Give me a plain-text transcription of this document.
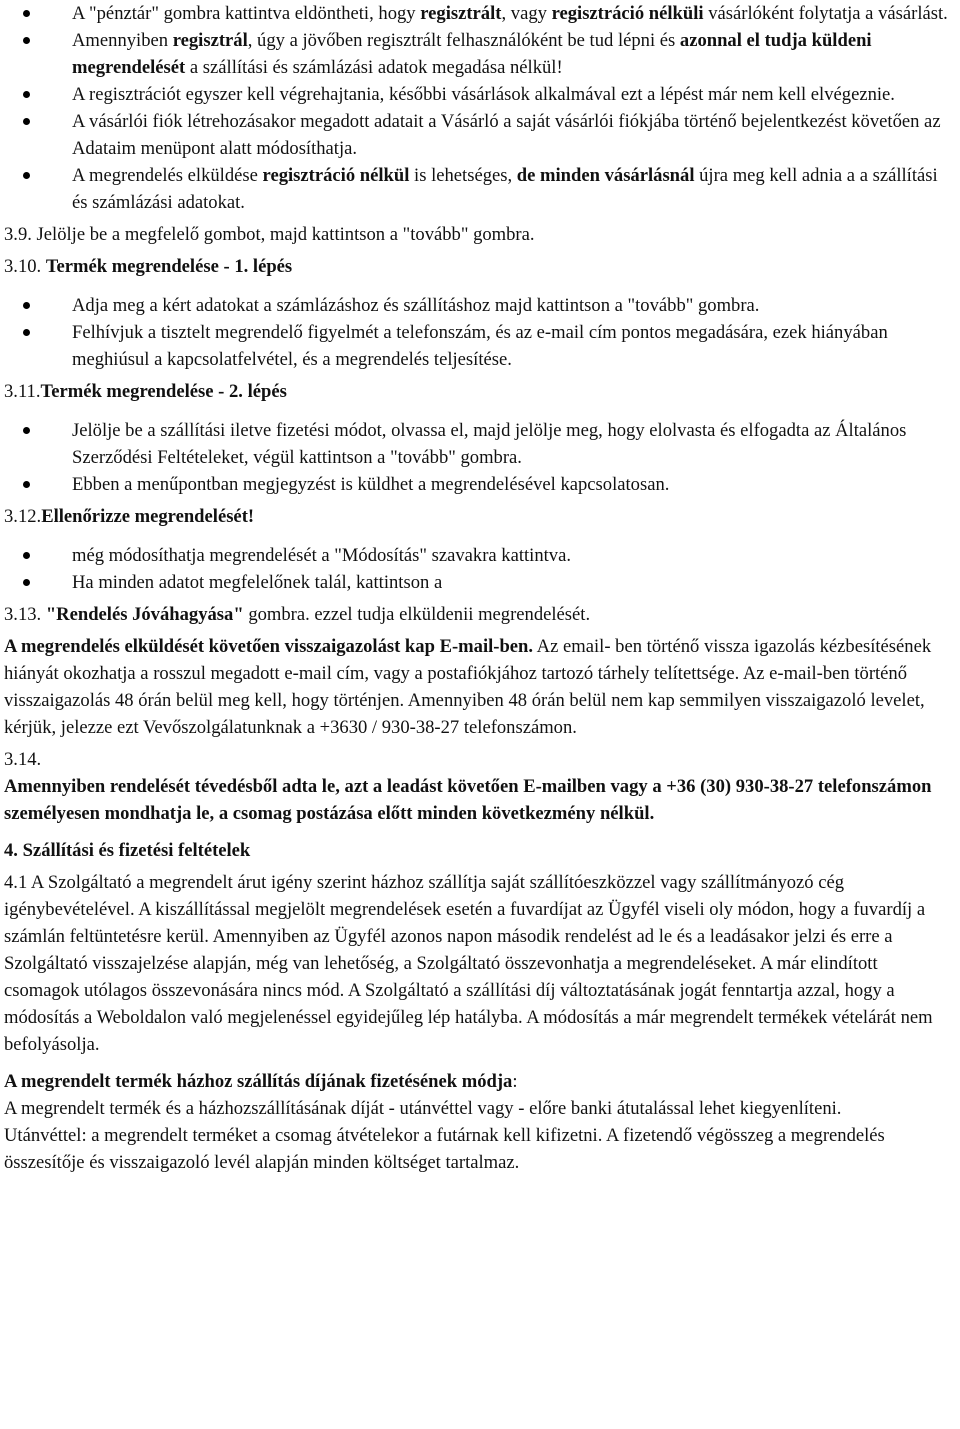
A "pénztár" gombra kattintva eldöntheti, hogy regisztrált, vagy regisztráció nélküli vásárlóként folytatja a vásárlást.
Amennyiben regisztrál, úgy a jövőben regisztrált felhasználóként be tud lépni és azonnal el tudja küldeni megrendelését a szállítási és számlázási adatok megadása nélkül!
A regisztrációt egyszer kell végrehajtania, későbbi vásárlások alkalmával ezt a lépést már nem kell elvégeznie.
A vásárlói fiók létrehozásakor megadott adatait a Vásárló a saját vásárlói fiókjába történő bejelentkezést követően az Adataim menüpont alatt módosíthatja.
A megrendelés elküldése regisztráció nélkül is lehetséges, de minden vásárlásnál újra meg kell adnia a a szállítási és számlázási adatokat.

3.9. Jelölje be a megfelelő gombot, majd kattintson a "tovább" gombra.

3.10. Termék megrendelése - 1. lépés

Adja meg a kért adatokat a számlázáshoz és szállításhoz majd kattintson a "tovább" gombra.
Felhívjuk a tisztelt megrendelő figyelmét a telefonszám, és az e-mail cím pontos megadására, ezek hiányában meghiúsul a kapcsolatfelvétel, és a megrendelés teljesítése.

3.11.Termék megrendelése - 2. lépés

Jelölje be a szállítási iletve fizetési módot, olvassa el, majd jelölje meg, hogy elolvasta és elfogadta az Általános Szerződési Feltételeket, végül kattintson a "tovább" gombra.
Ebben a menűpontban megjegyzést is küldhet a megrendelésével kapcsolatosan.

3.12.Ellenőrizze megrendelését!

még módosíthatja megrendelését a "Módosítás" szavakra kattintva.
Ha minden adatot megfelelőnek talál, kattintson a

3.13. "Rendelés Jóváhagyása" gombra. ezzel tudja elküldenii megrendelését.

A megrendelés elküldését követően visszaigazolást kap E-mail-ben. Az email- ben történő vissza igazolás kézbesítésének hiányát okozhatja a rosszul megadott e-mail cím, vagy a postafiókjához tartozó tárhely telítettsége. Az e-mail-ben történő visszaigazolás 48 órán belül meg kell, hogy történjen. Amennyiben 48 órán belül nem kap semmilyen visszaigazoló levelet, kérjük, jelezze ezt Vevőszolgálatunknak a +3630 / 930-38-27 telefonszámon.

3.14.

Amennyiben rendelését tévedésből adta le, azt a leadást követően E-mailben vagy a +36 (30) 930-38-27 telefonszámon személyesen mondhatja le, a csomag postázása előtt minden következmény nélkül.

4. Szállítási és fizetési feltételek

4.1 A Szolgáltató a megrendelt árut igény szerint házhoz szállítja saját szállítóeszközzel vagy szállítmányozó cég igénybevételével. A kiszállítással megjelölt megrendelések esetén a fuvardíjat az Ügyfél viseli oly módon, hogy a fuvardíj a számlán feltüntetésre kerül. Amennyiben az Ügyfél azonos napon második rendelést ad le és a leadásakor jelzi és erre a Szolgáltató visszajelzése alapján, még van lehetőség, a Szolgáltató összevonhatja a megrendeléseket. A már elindított csomagok utólagos összevonására nincs mód. A Szolgáltató a szállítási díj változtatásának jogát fenntartja azzal, hogy a módosítás a Weboldalon való megjelenéssel egyidejűleg lép hatályba. A módosítás a már megrendelt termékek vételárát nem befolyásolja.

A megrendelt termék házhoz szállítás díjának fizetésének módja:

A megrendelt termék és a házhozszállításának díját - utánvéttel vagy - előre banki átutalással lehet kiegyenlíteni.

Utánvéttel: a megrendelt terméket a csomag átvételekor a futárnak kell kifizetni. A fizetendő végösszeg a megrendelés összesítője és visszaigazoló levél alapján minden költséget tartalmaz.
